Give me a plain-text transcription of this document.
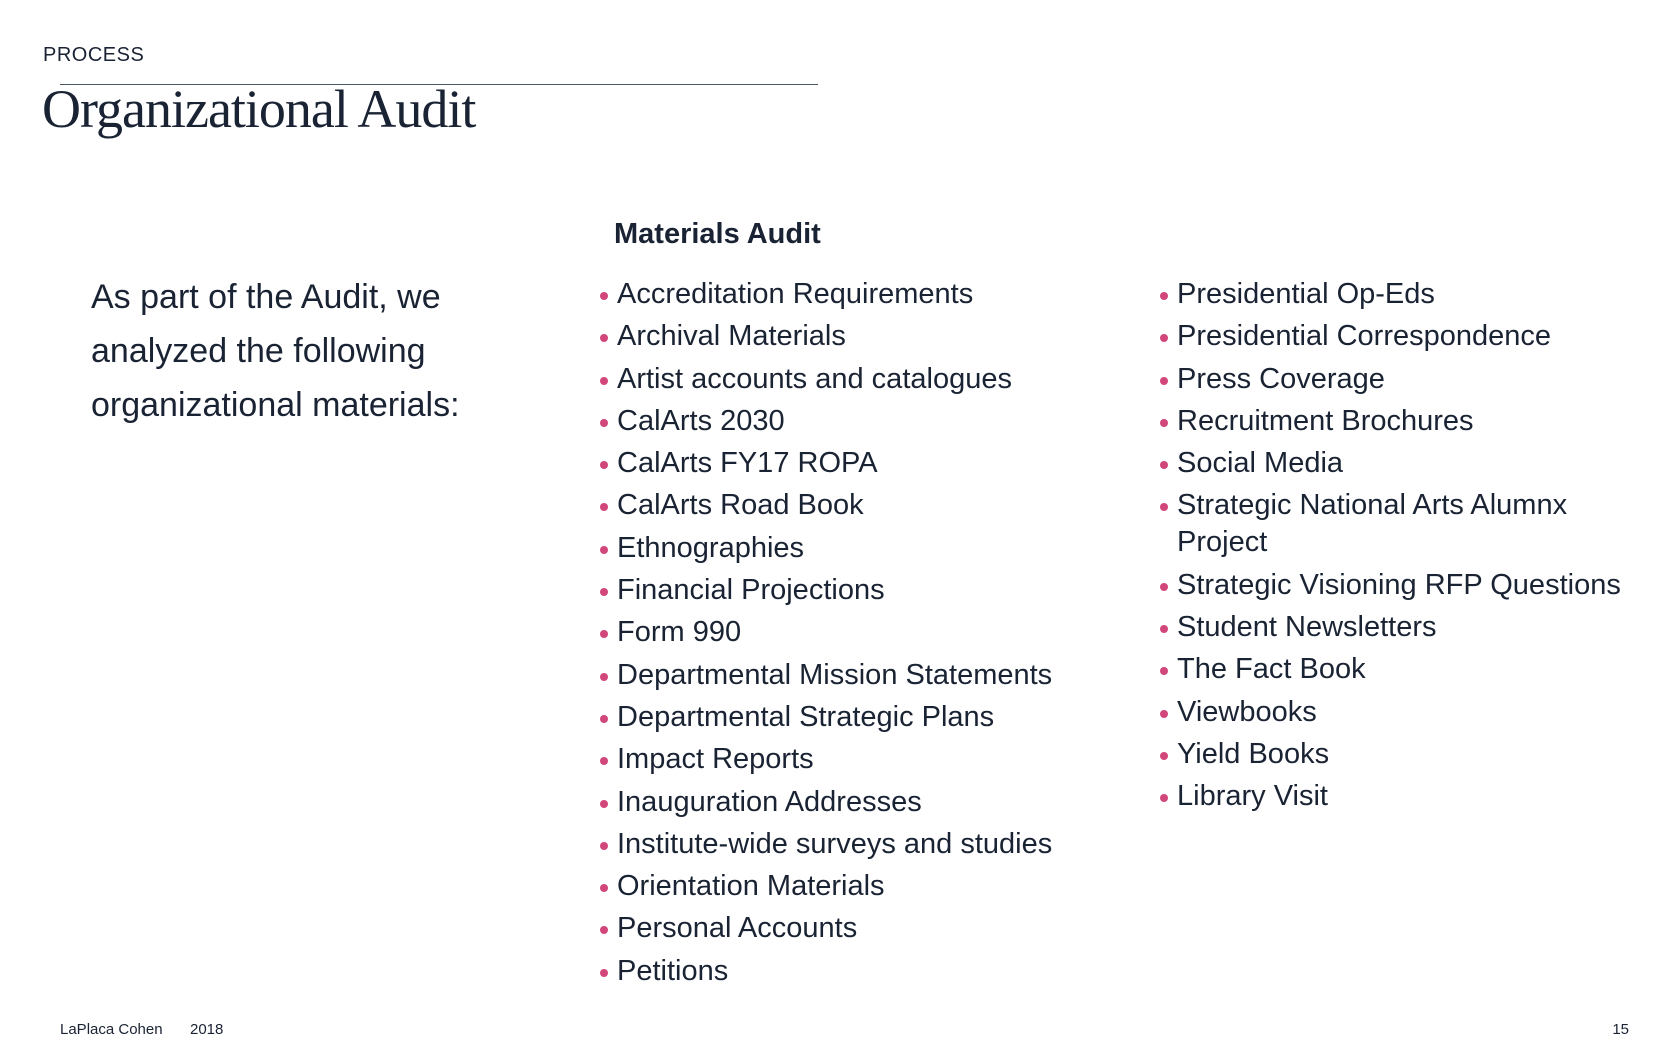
PROCESS
Organizational Audit

As part of the Audit, we analyzed the following organizational materials:

Materials Audit
Accreditation Requirements
Archival Materials
Artist accounts and catalogues
CalArts 2030
CalArts FY17 ROPA
CalArts Road Book
Ethnographies
Financial Projections
Form 990
Departmental Mission Statements
Departmental Strategic Plans
Impact Reports
Inauguration Addresses
Institute-wide surveys and studies
Orientation Materials
Personal Accounts
Petitions
Presidential Op-Eds
Presidential Correspondence
Press Coverage
Recruitment Brochures
Social Media
Strategic National Arts Alumnx Project
Strategic Visioning RFP Questions
Student Newsletters
The Fact Book
Viewbooks
Yield Books
Library Visit
LaPlaca Cohen 2018	15
